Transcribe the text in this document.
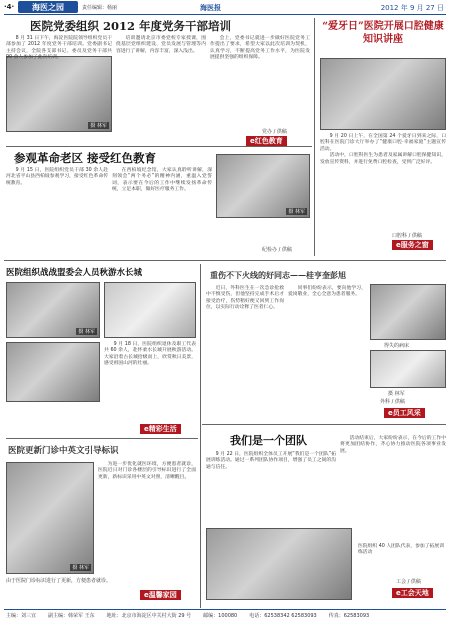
·4·	海医之园	责任编辑：杨丽	海医报	2012 年 9 月 27 日
医院党委组织 2012 年度党务干部培训
摄 林军

8 月 31 日下午，海淀医院院领导组织党员干部参加了 2012 年度党务干部培训。党委副书记主持会议，全院各支部书记、委员及党务干部共 90 余人参加了此次培训。

培训邀请北京市委党校专家授课，围绕基层党组织建设、党员发展与管理等内容进行了讲解，内容丰富，深入浅出。

会上，党委书记就进一步做好医院党务工作提出了要求，希望大家以此次培训为契机，认真学习，不断提高党务工作水平，为医院发展提供坚强的组织保障。

党办 / 供稿
e红色教育
“爱牙日”医院开展口腔健康知识讲座

9 月 20 日上午，在全国第 24 个爱牙日到来之际，口腔科在医院门诊大厅举办了“健康口腔·幸福家庭”主题宣传活动。

活动中，口腔科医生为患者及家属讲解口腔保健知识，发放宣传资料，并进行免费口腔检查，受到广泛好评。

口腔科 / 供稿
e服务之窗
参观革命老区 接受红色教育

9 月 15 日，医院组织党员干部 30 余人赴河北省平山县西柏坡参观学习，接受红色革命传统教育。

在西柏坡纪念馆，大家认真聆听讲解，深刻领会“两个务必”的精神内涵，重温入党誓词，表示要在今后的工作中继续发扬革命传统，立足本职，做好医疗服务工作。

摄 林军
纪检办 / 供稿
医院组织战战盟委会人员秋游水长城
摄 林军

9 月 18 日，医院组织退休及职工代表共 60 余人，赴怀柔水长城开展秋游活动。大家沿着古长城拾级而上，欣赏秋日美景，感受祖国山河的壮丽。

e精彩生活
重伤不下火线的好同志——桂亨奎彭旭

近日，外科医生在一次急诊抢救中不慎受伤，但他坚持完成手术后才接受治疗，伤势稍好便又回到工作岗位，以实际行动诠释了医者仁心。

同事们纷纷表示，要向他学习，爱岗敬业，全心全意为患者服务。

得失的病床
摄 林军
外科 / 供稿
e员工风采
我们是一个团队

9 月 22 日，医院组织全体员工开展“我们是一个团队”拓展训练活动。通过一系列团队协作项目，增强了员工之间的沟通与信任。

活动结束后，大家纷纷表示，在今后的工作中将更加团结协作，齐心协力推动医院各项事业发展。

医院组织 40 人团队代表，参加了拓展训练活动
工会 / 供稿
e工会天地
医院更新门诊中英文引导标识
摄 林军

为进一步优化就医环境，方便患者就诊，医院近日对门诊各楼层的引导标识进行了全面更新，新标识采用中英文对照，清晰醒目。

由于医院门诊标识进行了更新，方便患者就诊。
e温馨家园
主编：刘三宜 副主编：韩荣军 王东 地址：北京市海淀区中关村大街 29 号 邮编：100080 电话：62538342 62583093 传真：62583093
